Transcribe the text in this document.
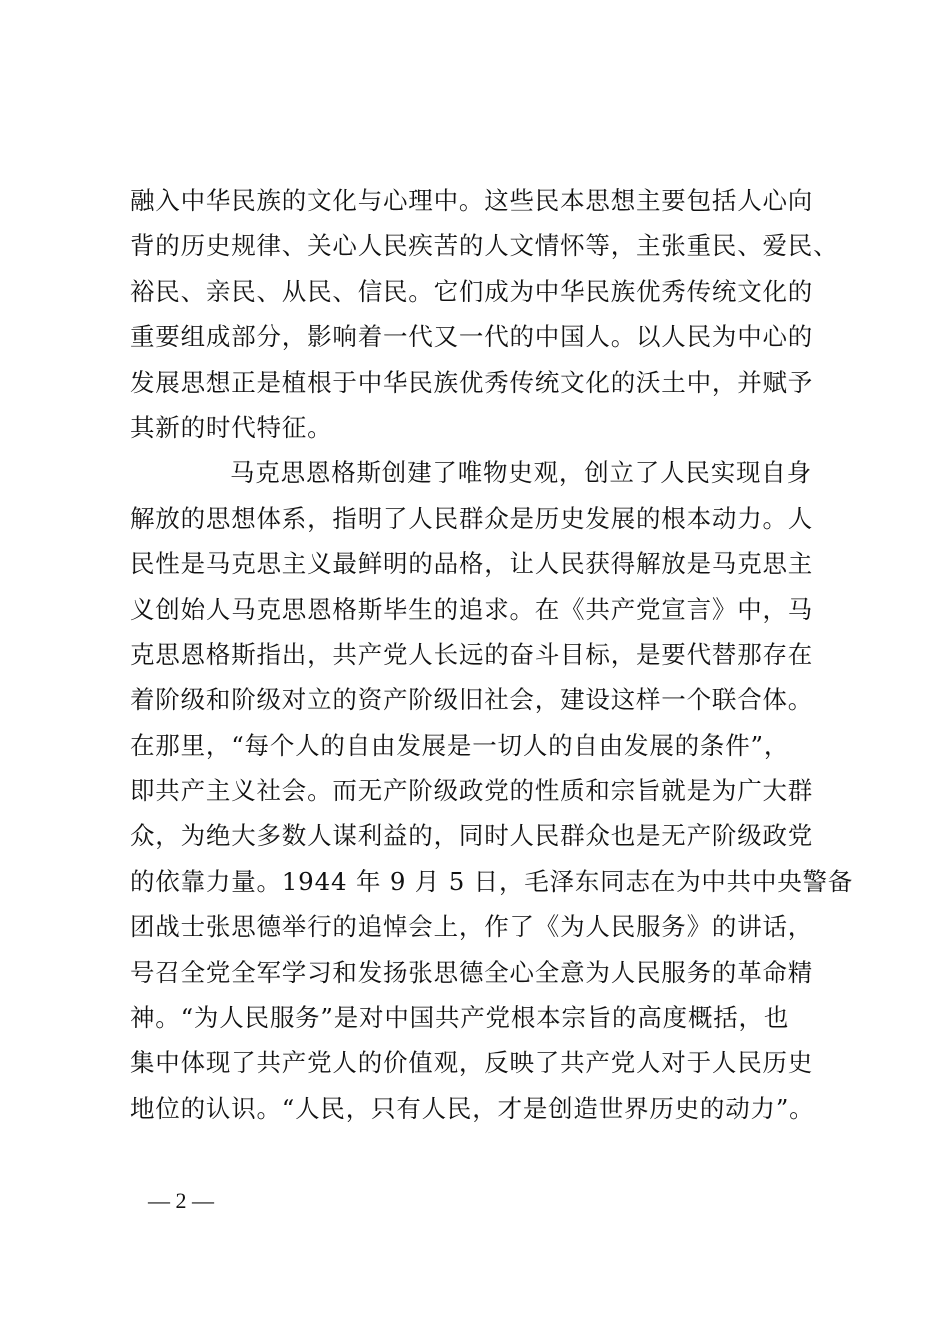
融入中华民族的文化与心理中。这些民本思想主要包括人心向
背的历史规律、关心人民疾苦的人文情怀等，主张重民、爱民、
裕民、亲民、从民、信民。它们成为中华民族优秀传统文化的
重要组成部分，影响着一代又一代的中国人。以人民为中心的
发展思想正是植根于中华民族优秀传统文化的沃土中，并赋予
其新的时代特征。
马克思恩格斯创建了唯物史观，创立了人民实现自身
解放的思想体系，指明了人民群众是历史发展的根本动力。人
民性是马克思主义最鲜明的品格，让人民获得解放是马克思主
义创始人马克思恩格斯毕生的追求。在《共产党宣言》中，马
克思恩格斯指出，共产党人长远的奋斗目标，是要代替那存在
着阶级和阶级对立的资产阶级旧社会，建设这样一个联合体。
在那里，“每个人的自由发展是一切人的自由发展的条件”，
即共产主义社会。而无产阶级政党的性质和宗旨就是为广大群
众，为绝大多数人谋利益的，同时人民群众也是无产阶级政党
的依靠力量。1944 年 9 月 5 日，毛泽东同志在为中共中央警备
团战士张思德举行的追悼会上，作了《为人民服务》的讲话，
号召全党全军学习和发扬张思德全心全意为人民服务的革命精
神。“为人民服务”是对中国共产党根本宗旨的高度概括，也
集中体现了共产党人的价值观，反映了共产党人对于人民历史
地位的认识。“人民，只有人民，才是创造世界历史的动力”。
— 2 —
